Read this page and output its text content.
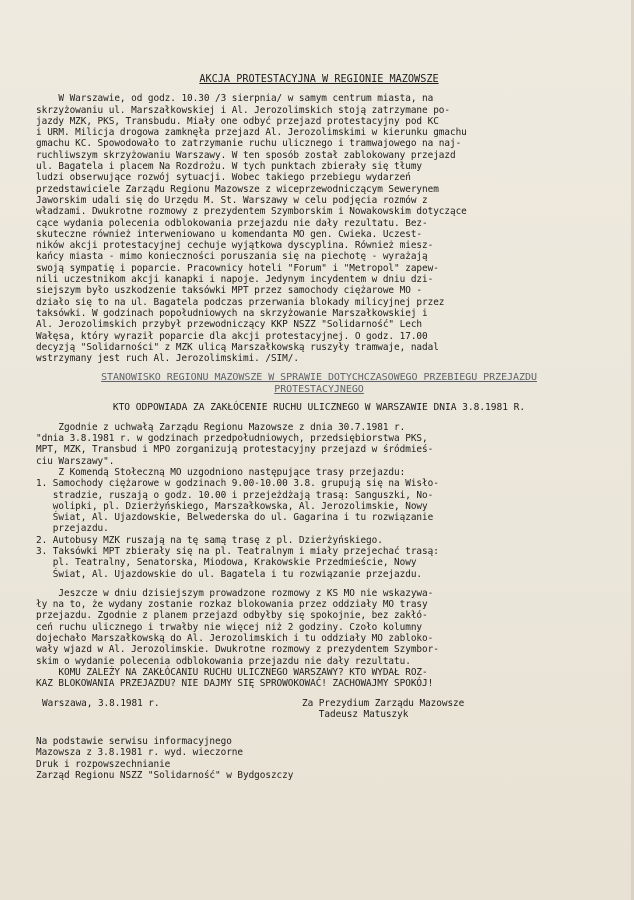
AKCJA PROTESTACYJNA W REGIONIE MAZOWSZE

W Warszawie, od godz. 10.30 /3 sierpnia/ w samym centrum miasta, na

skrzyżowaniu ul. Marszałkowskiej i Al. Jerozolimskich stoją zatrzymane po-

jazdy MZK, PKS, Transbudu. Miały one odbyć przejazd protestacyjny pod KC

i URM. Milicja drogowa zamknęła przejazd Al. Jerozolimskimi w kierunku gmachu

gmachu KC. Spowodowało to zatrzymanie ruchu ulicznego i tramwajowego na naj-

ruchliwszym skrzyżowaniu Warszawy. W ten sposób został zablokowany przejazd

ul. Bagatela i placem Na Rozdrożu. W tych punktach zbierały się tłumy

ludzi obserwujące rozwój sytuacji. Wobec takiego przebiegu wydarzeń

przedstawiciele Zarządu Regionu Mazowsze z wiceprzewodniczącym Sewerynem

Jaworskim udali się do Urzędu M. St. Warszawy w celu podjęcia rozmów z

władzami. Dwukrotne rozmowy z prezydentem Szymborskim i Nowakowskim dotyczące

cące wydania polecenia odblokowania przejazdu nie dały rezultatu. Bez-

skuteczne również interweniowano u komendanta MO gen. Cwieka. Uczest-

ników akcji protestacyjnej cechuje wyjątkowa dyscyplina. Również miesz-

kańcy miasta - mimo konieczności poruszania się na piechotę - wyrażają

swoją sympatię i poparcie. Pracownicy hoteli "Forum" i "Metropol" zapew-

nili uczestnikom akcji kanapki i napoje. Jedynym incydentem w dniu dzi-

siejszym było uszkodzenie taksówki MPT przez samochody ciężarowe MO -

działo się to na ul. Bagatela podczas przerwania blokady milicyjnej przez

taksówki. W godzinach popołudniowych na skrzyżowanie Marszałkowskiej i

Al. Jerozolimskich przybył przewodniczący KKP NSZZ "Solidarność" Lech

Wałęsa, który wyraził poparcie dla akcji protestacyjnej. O godz. 17.00

decyzją "Solidarności" z MZK ulicą Marszałkowską ruszyły tramwaje, nadal

wstrzymany jest ruch Al. Jerozolimskimi. /SIM/.

STANOWISKO REGIONU MAZOWSZE W SPRAWIE DOTYCHCZASOWEGO PRZEBIEGU PRZEJAZDU

PROTESTACYJNEGO

KTO ODPOWIADA ZA ZAKŁÓCENIE RUCHU ULICZNEGO W WARSZAWIE DNIA 3.8.1981 R.

Zgodnie z uchwałą Zarządu Regionu Mazowsze z dnia 30.7.1981 r.

"dnia 3.8.1981 r. w godzinach przedpołudniowych, przedsiębiorstwa PKS,

MPT, MZK, Transbud i MPO zorganizują protestacyjny przejazd w śródmieś-

ciu Warszawy".

Z Komendą Stołeczną MO uzgodniono następujące trasy przejazdu:

1. Samochody ciężarowe w godzinach 9.00-10.00 3.8. grupują się na Wisło-

stradzie, ruszają o godz. 10.00 i przejeżdżają trasą: Sanguszki, No-

wolipki, pl. Dzierżyńskiego, Marszałkowska, Al. Jerozolimskie, Nowy

Świat, Al. Ujazdowskie, Belwederska do ul. Gagarina i tu rozwiązanie

przejazdu.

2. Autobusy MZK ruszają na tę samą trasę z pl. Dzierżyńskiego.

3. Taksówki MPT zbierały się na pl. Teatralnym i miały przejechać trasą:

pl. Teatralny, Senatorska, Miodowa, Krakowskie Przedmieście, Nowy

Świat, Al. Ujazdowskie do ul. Bagatela i tu rozwiązanie przejazdu.

Jeszcze w dniu dzisiejszym prowadzone rozmowy z KS MO nie wskazywa-

ły na to, że wydany zostanie rozkaz blokowania przez oddziały MO trasy

przejazdu. Zgodnie z planem przejazd odbyłby się spokojnie, bez zakłó-

ceń ruchu ulicznego i trwałby nie więcej niż 2 godziny. Czoło kolumny

dojechało Marszałkowską do Al. Jerozolimskich i tu oddziały MO zabloko-

wały wjazd w Al. Jerozolimskie. Dwukrotne rozmowy z prezydentem Szymbor-

skim o wydanie polecenia odblokowania przejazdu nie dały rezultatu.

KOMU ZALEŻY NA ZAKŁÓCANIU RUCHU ULICZNEGO WARSZAWY? KTO WYDAŁ ROZ-

KAZ BLOKOWANIA PRZEJAZDU? NIE DAJMY SIĘ SPROWOKOWAĆ! ZACHOWAJMY SPOKÓJ!

Warszawa, 3.8.1981 r.	Za Prezydium Zarządu Mazowsze

Tadeusz Matuszyk

Na podstawie serwisu informacyjnego

Mazowsza z 3.8.1981 r. wyd. wieczorne

Druk i rozpowszechnianie

Zarząd Regionu NSZZ "Solidarność" w Bydgoszczy
